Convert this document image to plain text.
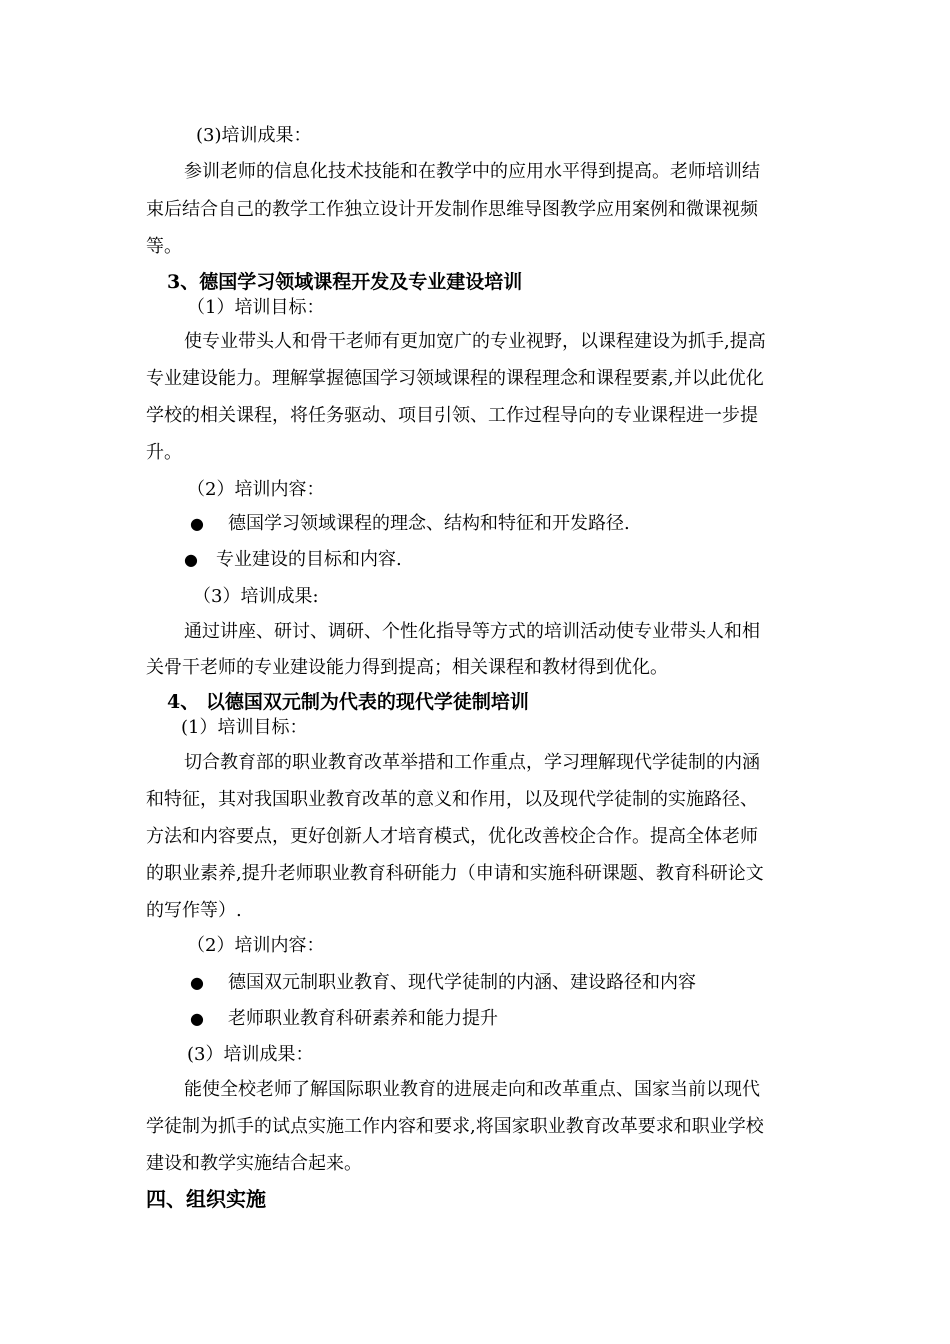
(3)培训成果：
参训老师的信息化技术技能和在教学中的应用水平得到提高。老师培训结
束后结合自己的教学工作独立设计开发制作思维导图教学应用案例和微课视频
等。
3、德国学习领域课程开发及专业建设培训
（1）培训目标：
使专业带头人和骨干老师有更加宽广的专业视野，以课程建设为抓手,提高
专业建设能力。理解掌握德国学习领域课程的课程理念和课程要素,并以此优化
学校的相关课程，将任务驱动、项目引领、工作过程导向的专业课程进一步提
升。
（2）培训内容：
● 德国学习领域课程的理念、结构和特征和开发路径.
● 专业建设的目标和内容.
（3）培训成果:
通过讲座、研讨、调研、个性化指导等方式的培训活动使专业带头人和相
关骨干老师的专业建设能力得到提高；相关课程和教材得到优化。
4、 以德国双元制为代表的现代学徒制培训
(1）培训目标：
切合教育部的职业教育改革举措和工作重点，学习理解现代学徒制的内涵
和特征，其对我国职业教育改革的意义和作用，以及现代学徒制的实施路径、
方法和内容要点，更好创新人才培育模式，优化改善校企合作。提高全体老师
的职业素养,提升老师职业教育科研能力（申请和实施科研课题、教育科研论文
的写作等）.
（2）培训内容：
● 德国双元制职业教育、现代学徒制的内涵、建设路径和内容
● 老师职业教育科研素养和能力提升
(3）培训成果：
能使全校老师了解国际职业教育的进展走向和改革重点、国家当前以现代
学徒制为抓手的试点实施工作内容和要求,将国家职业教育改革要求和职业学校
建设和教学实施结合起来。
四、组织实施
